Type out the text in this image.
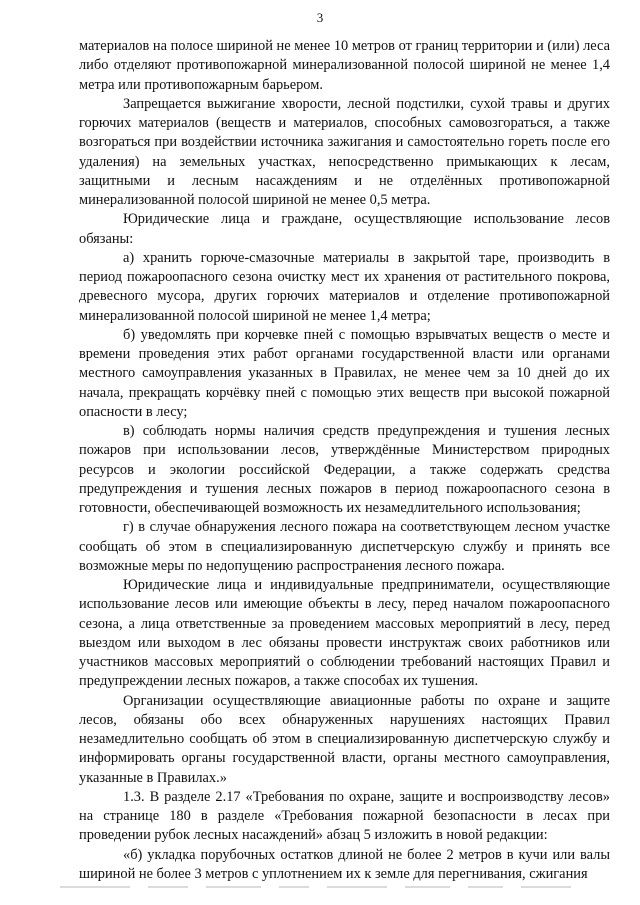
3

материалов на полосе шириной не менее 10 метров от границ территории и (или) леса либо отделяют противопожарной минерализованной полосой шириной не менее 1,4 метра или противопожарным барьером.

Запрещается выжигание хворости, лесной подстилки, сухой травы и других горючих материалов (веществ и материалов, способных самовозгораться, а также возгораться при воздействии источника зажигания и самостоятельно гореть после его удаления) на земельных участках, непосредственно примыкающих к лесам, защитными и лесным насаждениям и не отделённых противопожарной минерализованной полосой шириной не менее 0,5 метра.

Юридические лица и граждане, осуществляющие использование лесов обязаны:

а) хранить горюче-смазочные материалы в закрытой таре, производить в период пожароопасного сезона очистку мест их хранения от растительного покрова, древесного мусора, других горючих материалов и отделение противопожарной минерализованной полосой шириной не менее 1,4 метра;

б) уведомлять при корчевке пней с помощью взрывчатых веществ о месте и времени проведения этих работ органами государственной власти или органами местного самоуправления указанных в Правилах, не менее чем за 10 дней до их начала, прекращать корчёвку пней с помощью этих веществ при высокой пожарной опасности в лесу;

в) соблюдать нормы наличия средств предупреждения и тушения лесных пожаров при использовании лесов, утверждённые Министерством природных ресурсов и экологии российской Федерации, а также содержать средства предупреждения и тушения лесных пожаров в период пожароопасного сезона в готовности, обеспечивающей возможность их незамедлительного использования;

г) в случае обнаружения лесного пожара на соответствующем лесном участке сообщать об этом в специализированную диспетчерскую службу и принять все возможные меры по недопущению распространения лесного пожара.

Юридические лица и индивидуальные предприниматели, осуществляющие использование лесов или имеющие объекты в лесу, перед началом пожароопасного сезона, а лица ответственные за проведением массовых мероприятий в лесу, перед выездом или выходом в лес обязаны провести инструктаж своих работников или участников массовых мероприятий о соблюдении требований настоящих Правил и предупреждении лесных пожаров, а также способах их тушения.

Организации осуществляющие авиационные работы по охране и защите лесов, обязаны обо всех обнаруженных нарушениях настоящих Правил незамедлительно сообщать об этом в специализированную диспетчерскую службу и информировать органы государственной власти, органы местного самоуправления, указанные в Правилах.»

1.3. В разделе 2.17 «Требования по охране, защите и воспроизводству лесов» на странице 180 в разделе «Требования пожарной безопасности в лесах при проведении рубок лесных насаждений» абзац 5 изложить в новой редакции:

«б) укладка порубочных остатков длиной не более 2 метров в кучи или валы шириной не более 3 метров с уплотнением их к земле для перегнивания, сжигания
